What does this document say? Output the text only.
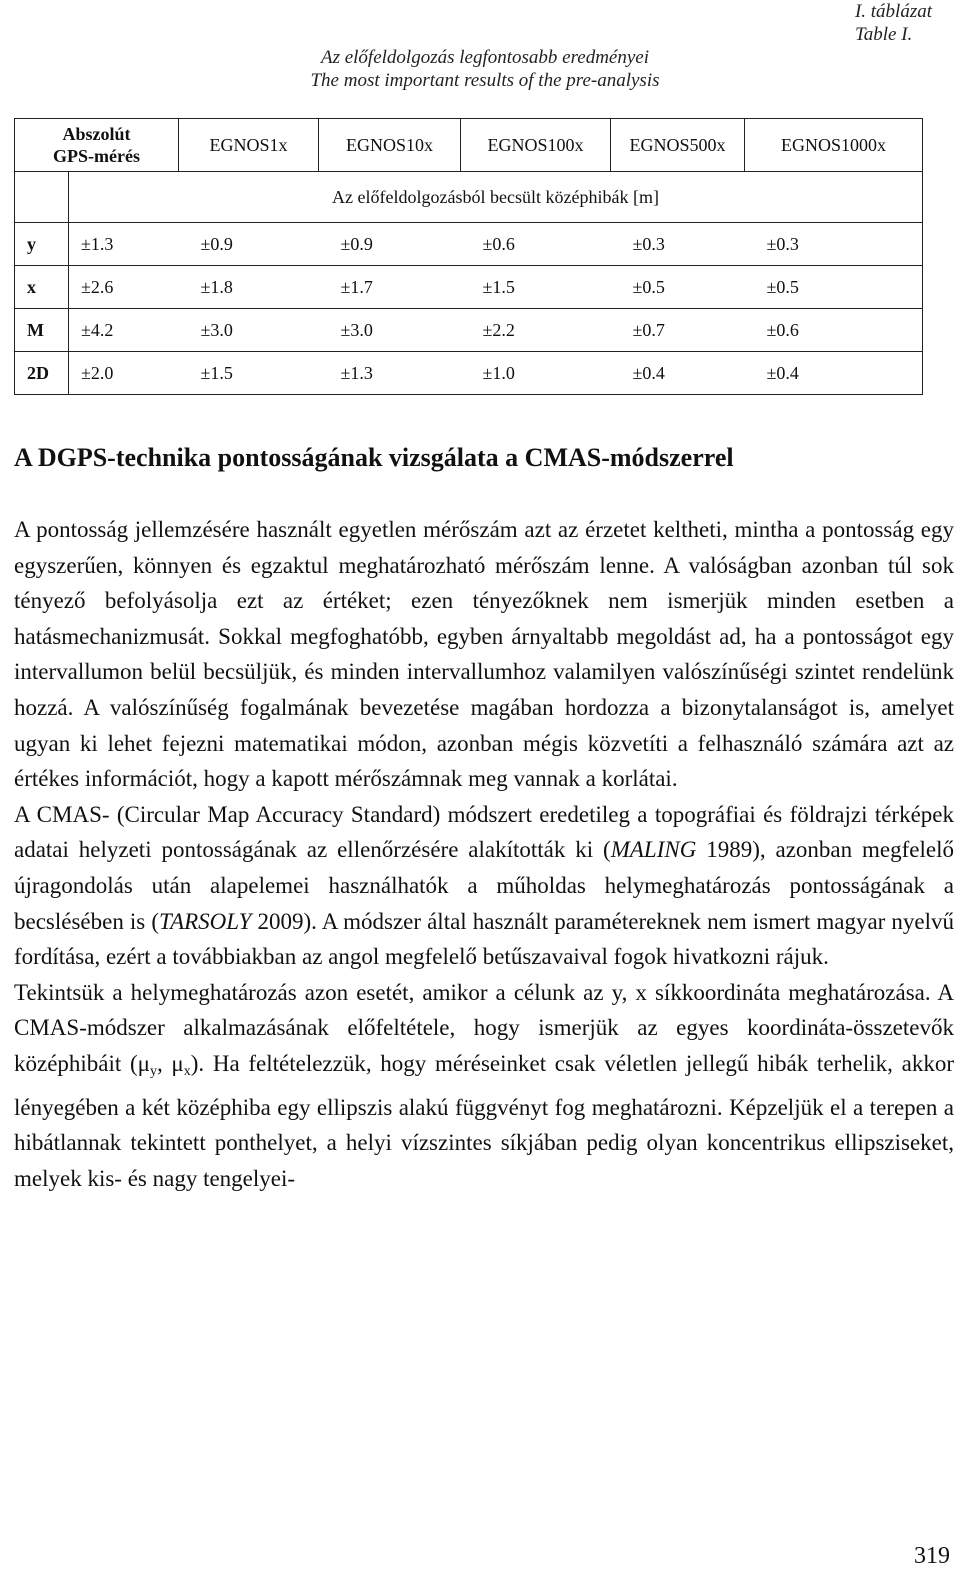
I. táblázat
Table I.
Az előfeldolgozás legfontosabb eredményei
The most important results of the pre-analysis
Abszolút
GPS-mérés		EGNOS1x	EGNOS10x	EGNOS100x	EGNOS500x	EGNOS1000x
	Az előfeldolgozásból becsült középhibák [m]					
y	±1.3	±0.9	±0.9	±0.6	±0.3	±0.3
x	±2.6	±1.8	±1.7	±1.5	±0.5	±0.5
M	±4.2	±3.0	±3.0	±2.2	±0.7	±0.6
2D	±2.0	±1.5	±1.3	±1.0	±0.4	±0.4
A DGPS-technika pontosságának vizsgálata a CMAS-módszerrel

A pontosság jellemzésére használt egyetlen mérőszám azt az érzetet keltheti, mintha a pontosság egy egyszerűen, könnyen és egzaktul meghatározható mérőszám lenne. A valóságban azonban túl sok tényező befolyásolja ezt az értéket; ezen tényezőknek nem ismerjük minden esetben a hatásmechanizmusát. Sokkal megfoghatóbb, egyben árnyaltabb megoldást ad, ha a pontosságot egy intervallumon belül becsüljük, és minden intervallumhoz valamilyen valószínűségi szintet rendelünk hozzá. A valószínűség fogalmának bevezetése magában hordozza a bizonytalanságot is, amelyet ugyan ki lehet fejezni matematikai módon, azonban mégis közvetíti a felhasználó számára azt az értékes információt, hogy a kapott mérőszámnak meg vannak a korlátai.

A CMAS- (Circular Map Accuracy Standard) módszert eredetileg a topográfiai és földrajzi térképek adatai helyzeti pontosságának az ellenőrzésére alakították ki (MALING 1989), azonban megfelelő újragondolás után alapelemei használhatók a műholdas helymeghatározás pontosságának a becslésében is (TARSOLY 2009). A módszer által használt paramétereknek nem ismert magyar nyelvű fordítása, ezért a továbbiakban az angol megfelelő betűszavaival fogok hivatkozni rájuk.

Tekintsük a helymeghatározás azon esetét, amikor a célunk az y, x síkkoordináta meghatározása. A CMAS-módszer alkalmazásának előfeltétele, hogy ismerjük az egyes koordináta-összetevők középhibáit ($\mu_y$, $\mu_x$). Ha feltételezzük, hogy méréseinket csak véletlen jellegű hibák terhelik, akkor lényegében a két középhiba egy ellipszis alakú függvényt fog meghatározni. Képzeljük el a terepen a hibátlannak tekintett ponthelyet, a helyi vízszintes síkjában pedig olyan koncentrikus ellipsziseket, melyek kis- és nagy tengelyei-

319
